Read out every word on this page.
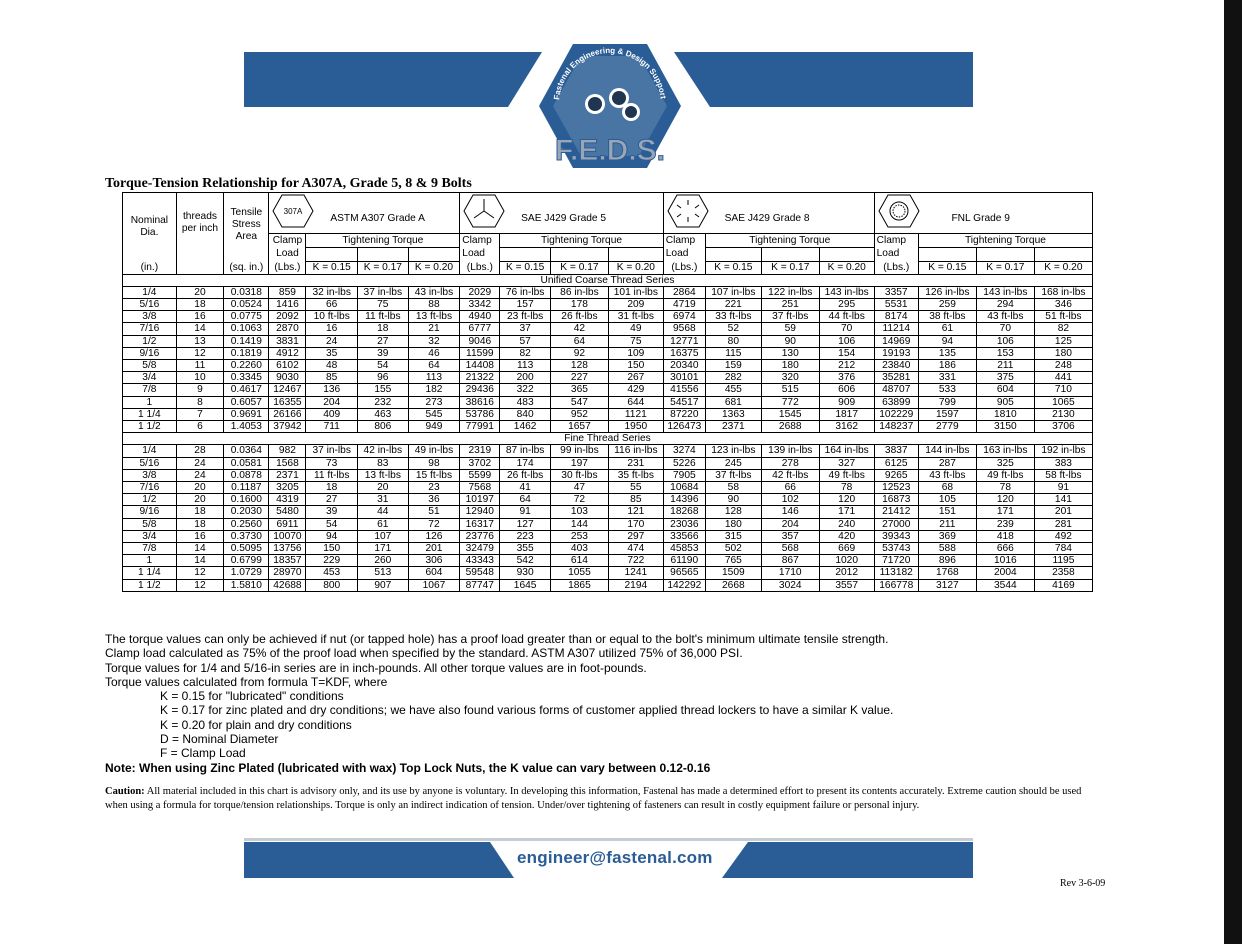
Fastenal Engineering & Design Support
F.E.D.S.
Torque-Tension Relationship for A307A, Grade 5, 8 & 9 Bolts
Nominal Dia.	threads per inch	Tensile Stress Area	307A
ASTM A307 Grade A				SAE J429 Grade 5				SAE J429 Grade 8				FNL Grade 9			
			Clamp Load	Tightening Torque			Clamp Load	Tightening Torque			Clamp Load	Tightening Torque			Clamp Load	Tightening Torque		

(in.)		(sq. in.)	(Lbs.)	K = 0.15	K = 0.17	K = 0.20	(Lbs.)	K = 0.15	K = 0.17	K = 0.20	(Lbs.)	K = 0.15	K = 0.17	K = 0.20	(Lbs.)	K = 0.15	K = 0.17	K = 0.20
Unified Coarse Thread Series																		
1/4	20	0.0318	859	32 in-lbs	37 in-lbs	43 in-lbs	2029	76 in-lbs	86 in-lbs	101 in-lbs	2864	107 in-lbs	122 in-lbs	143 in-lbs	3357	126 in-lbs	143 in-lbs	168 in-lbs
5/16	18	0.0524	1416	66	75	88	3342	157	178	209	4719	221	251	295	5531	259	294	346
3/8	16	0.0775	2092	10 ft-lbs	11 ft-lbs	13 ft-lbs	4940	23 ft-lbs	26 ft-lbs	31 ft-lbs	6974	33 ft-lbs	37 ft-lbs	44 ft-lbs	8174	38 ft-lbs	43 ft-lbs	51 ft-lbs
7/16	14	0.1063	2870	16	18	21	6777	37	42	49	9568	52	59	70	11214	61	70	82
1/2	13	0.1419	3831	24	27	32	9046	57	64	75	12771	80	90	106	14969	94	106	125
9/16	12	0.1819	4912	35	39	46	11599	82	92	109	16375	115	130	154	19193	135	153	180
5/8	11	0.2260	6102	48	54	64	14408	113	128	150	20340	159	180	212	23840	186	211	248
3/4	10	0.3345	9030	85	96	113	21322	200	227	267	30101	282	320	376	35281	331	375	441
7/8	9	0.4617	12467	136	155	182	29436	322	365	429	41556	455	515	606	48707	533	604	710
1	8	0.6057	16355	204	232	273	38616	483	547	644	54517	681	772	909	63899	799	905	1065
1 1/4	7	0.9691	26166	409	463	545	53786	840	952	1121	87220	1363	1545	1817	102229	1597	1810	2130
1 1/2	6	1.4053	37942	711	806	949	77991	1462	1657	1950	126473	2371	2688	3162	148237	2779	3150	3706
Fine Thread Series																		
1/4	28	0.0364	982	37 in-lbs	42 in-lbs	49 in-lbs	2319	87 in-lbs	99 in-lbs	116 in-lbs	3274	123 in-lbs	139 in-lbs	164 in-lbs	3837	144 in-lbs	163 in-lbs	192 in-lbs
5/16	24	0.0581	1568	73	83	98	3702	174	197	231	5226	245	278	327	6125	287	325	383
3/8	24	0.0878	2371	11 ft-lbs	13 ft-lbs	15 ft-lbs	5599	26 ft-lbs	30 ft-lbs	35 ft-lbs	7905	37 ft-lbs	42 ft-lbs	49 ft-lbs	9265	43 ft-lbs	49 ft-lbs	58 ft-lbs
7/16	20	0.1187	3205	18	20	23	7568	41	47	55	10684	58	66	78	12523	68	78	91
1/2	20	0.1600	4319	27	31	36	10197	64	72	85	14396	90	102	120	16873	105	120	141
9/16	18	0.2030	5480	39	44	51	12940	91	103	121	18268	128	146	171	21412	151	171	201
5/8	18	0.2560	6911	54	61	72	16317	127	144	170	23036	180	204	240	27000	211	239	281
3/4	16	0.3730	10070	94	107	126	23776	223	253	297	33566	315	357	420	39343	369	418	492
7/8	14	0.5095	13756	150	171	201	32479	355	403	474	45853	502	568	669	53743	588	666	784
1	14	0.6799	18357	229	260	306	43343	542	614	722	61190	765	867	1020	71720	896	1016	1195
1 1/4	12	1.0729	28970	453	513	604	59548	930	1055	1241	96565	1509	1710	2012	113182	1768	2004	2358
1 1/2	12	1.5810	42688	800	907	1067	87747	1645	1865	2194	142292	2668	3024	3557	166778	3127	3544	4169
The torque values can only be achieved if nut (or tapped hole) has a proof load greater than or equal to the bolt's minimum ultimate tensile strength.
Clamp load calculated as 75% of the proof load when specified by the standard. ASTM A307 utilized 75% of 36,000 PSI.
Torque values for 1/4 and 5/16-in series are in inch-pounds. All other torque values are in foot-pounds.
Torque values calculated from formula T=KDF, where
K = 0.15 for "lubricated" conditions
K = 0.17 for zinc plated and dry conditions; we have also found various forms of customer applied thread lockers to have a similar K value.
K = 0.20 for plain and dry conditions
D = Nominal Diameter
F = Clamp Load
Note: When using Zinc Plated (lubricated with wax) Top Lock Nuts, the K value can vary between 0.12-0.16
Caution: All material included in this chart is advisory only, and its use by anyone is voluntary. In developing this information, Fastenal has made a determined effort to present its contents accurately. Extreme caution should be used when using a formula for torque/tension relationships. Torque is only an indirect indication of tension. Under/over tightening of fasteners can result in costly equipment failure or personal injury.
engineer@fastenal.com
Rev 3-6-09
